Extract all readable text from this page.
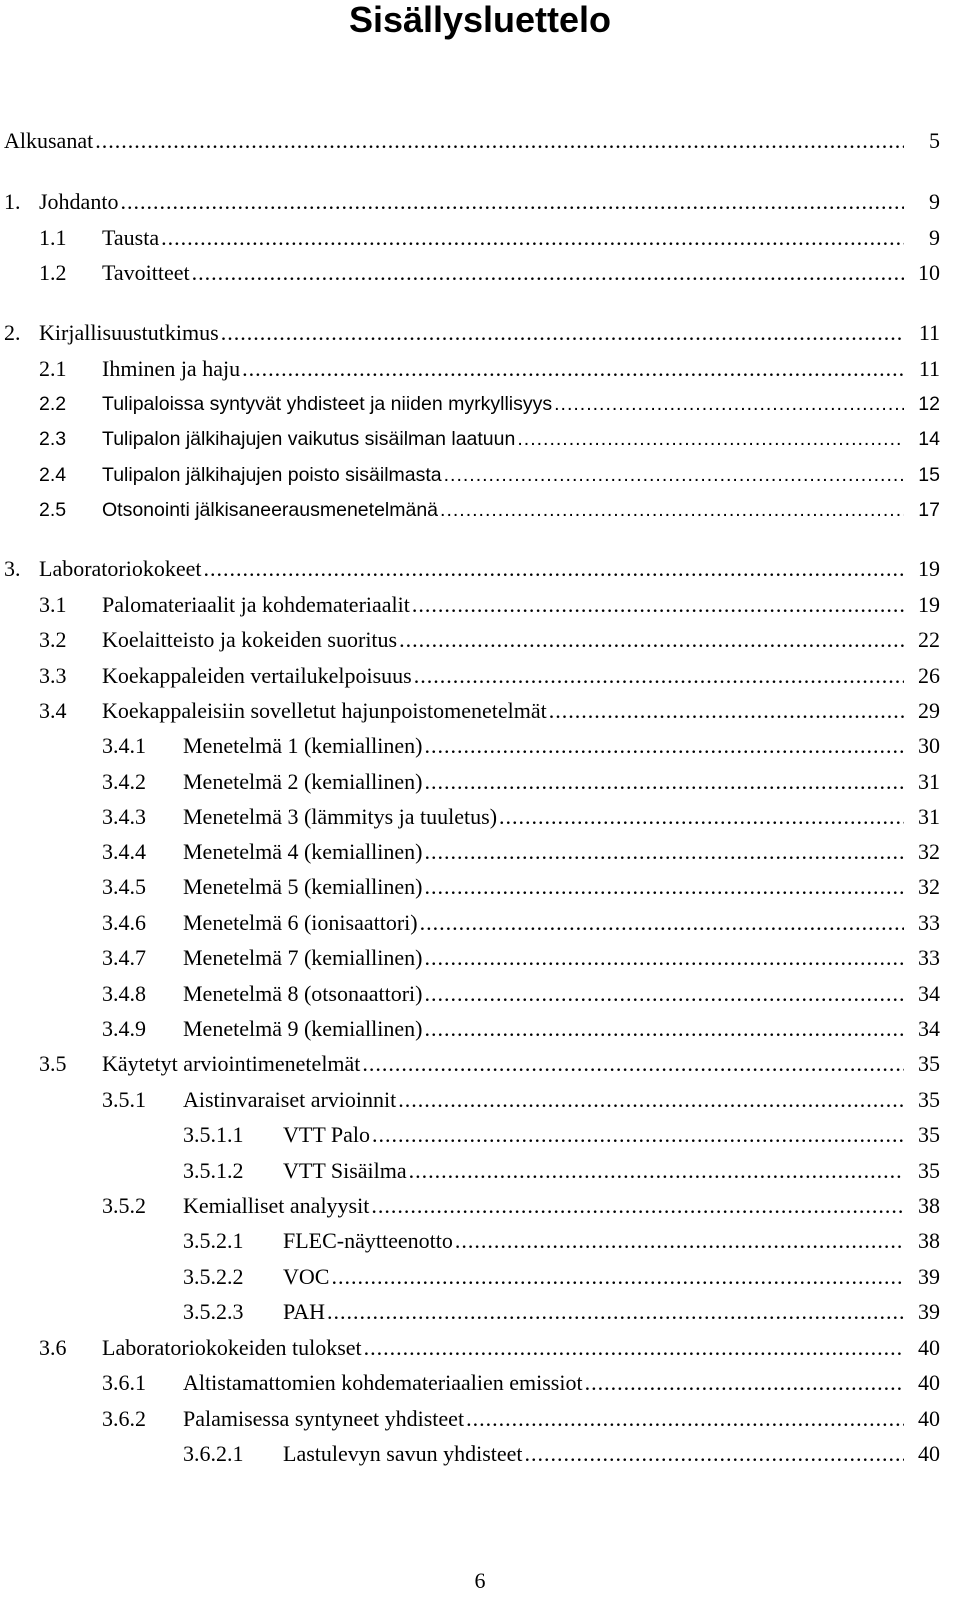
Sisällysluettelo
Alkusanat .....	5
1. Johdanto .....	9
1.1 Tausta .....	9
1.2 Tavoitteet .....	10
2. Kirjallisuustutkimus .....	11
2.1 Ihminen ja haju .....	11
2.2 Tulipaloissa syntyvät yhdisteet ja niiden myrkyllisyys .....	12
2.3 Tulipalon jälkihajujen vaikutus sisäilman laatuun .....	14
2.4 Tulipalon jälkihajujen poisto sisäilmasta .....	15
2.5 Otsonointi jälkisaneerausmenetelmänä .....	17
3. Laboratoriokokeet .....	19
3.1 Palomateriaalit ja kohdemateriaalit .....	19
3.2 Koelaitteisto ja kokeiden suoritus .....	22
3.3 Koekappaleiden vertailukelpoisuus .....	26
3.4 Koekappaleisiin sovelletut hajunpoistomenetelmät .....	29
3.4.1 Menetelmä 1 (kemiallinen) .....	30
3.4.2 Menetelmä 2 (kemiallinen) .....	31
3.4.3 Menetelmä 3 (lämmitys ja tuuletus) .....	31
3.4.4 Menetelmä 4 (kemiallinen) .....	32
3.4.5 Menetelmä 5 (kemiallinen) .....	32
3.4.6 Menetelmä 6 (ionisaattori) .....	33
3.4.7 Menetelmä 7 (kemiallinen) .....	33
3.4.8 Menetelmä 8 (otsonaattori) .....	34
3.4.9 Menetelmä 9 (kemiallinen) .....	34
3.5 Käytetyt arviointimenetelmät .....	35
3.5.1 Aistinvaraiset arvioinnit .....	35
3.5.1.1 VTT Palo .....	35
3.5.1.2 VTT Sisäilma .....	35
3.5.2 Kemialliset analyysit .....	38
3.5.2.1 FLEC-näytteenotto .....	38
3.5.2.2 VOC .....	39
3.5.2.3 PAH .....	39
3.6 Laboratoriokokeiden tulokset .....	40
3.6.1 Altistamattomien kohdemateriaalien emissiot .....	40
3.6.2 Palamisessa syntyneet yhdisteet .....	40
3.6.2.1 Lastulevyn savun yhdisteet .....	40
6
